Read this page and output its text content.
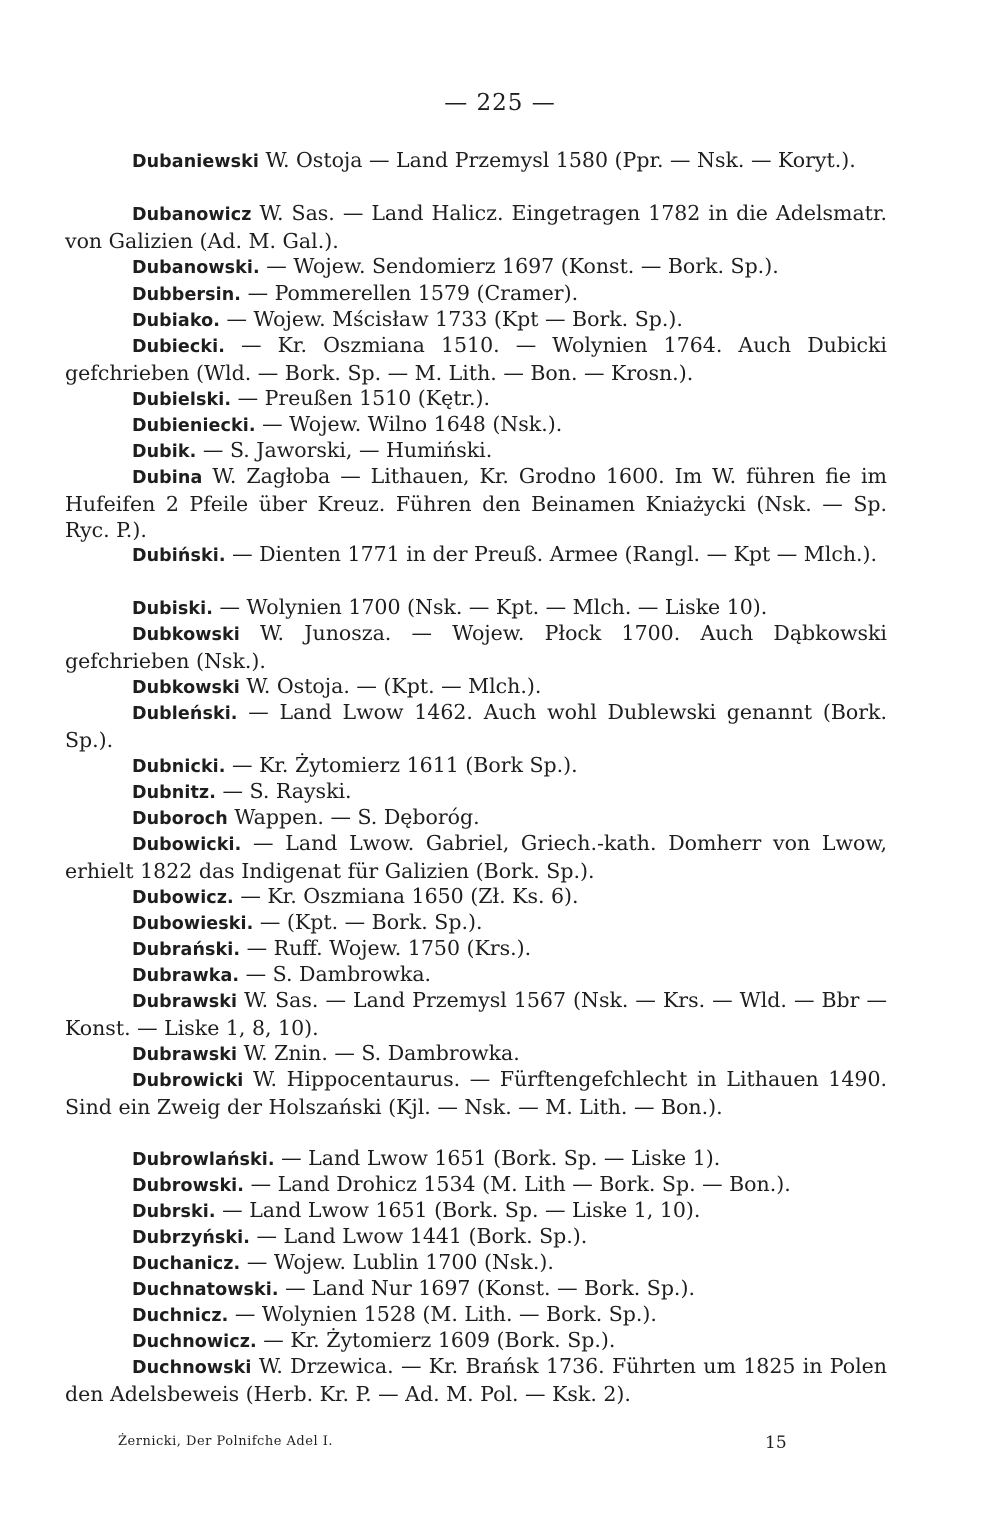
— 225 —
Dubaniewski W. Ostoja — Land Przemysl 1580 (Ppr. — Nsk. — Koryt.).
Dubanowicz W. Sas. — Land Halicz. Eingetragen 1782 in die Adelsmatr. von Galizien (Ad. M. Gal.).
Dubanowski. — Wojew. Sendomierz 1697 (Konst. — Bork. Sp.).
Dubbersin. — Pommerellen 1579 (Cramer).
Dubiako. — Wojew. Mścisław 1733 (Kpt — Bork. Sp.).
Dubiecki. — Kr. Oszmiana 1510. — Wolynien 1764. Auch Dubicki gefchrieben (Wld. — Bork. Sp. — M. Lith. — Bon. — Krosn.).
Dubielski. — Preußen 1510 (Kętr.).
Dubieniecki. — Wojew. Wilno 1648 (Nsk.).
Dubik. — S. Jaworski, — Humiński.
Dubina W. Zagłoba — Lithauen, Kr. Grodno 1600. Im W. führen fie im Hufeifen 2 Pfeile über Kreuz. Führen den Beinamen Kniażycki (Nsk. — Sp. Ryc. P.).
Dubiński. — Dienten 1771 in der Preuß. Armee (Rangl. — Kpt — Mlch.).
Dubiski. — Wolynien 1700 (Nsk. — Kpt. — Mlch. — Liske 10).
Dubkowski W. Junosza. — Wojew. Płock 1700. Auch Dąbkowski gefchrieben (Nsk.).
Dubkowski W. Ostoja. — (Kpt. — Mlch.).
Dubleński. — Land Lwow 1462. Auch wohl Dublewski genannt (Bork. Sp.).
Dubnicki. — Kr. Żytomierz 1611 (Bork Sp.).
Dubnitz. — S. Rayski.
Duboroch Wappen. — S. Dęboróg.
Dubowicki. — Land Lwow. Gabriel, Griech.-kath. Domherr von Lwow, erhielt 1822 das Indigenat für Galizien (Bork. Sp.).
Dubowicz. — Kr. Oszmiana 1650 (Zł. Ks. 6).
Dubowieski. — (Kpt. — Bork. Sp.).
Dubrański. — Ruff. Wojew. 1750 (Krs.).
Dubrawka. — S. Dambrowka.
Dubrawski W. Sas. — Land Przemysl 1567 (Nsk. — Krs. — Wld. — Bbr — Konst. — Liske 1, 8, 10).
Dubrawski W. Znin. — S. Dambrowka.
Dubrowicki W. Hippocentaurus. — Fürftengefchlecht in Lithauen 1490. Sind ein Zweig der Holszański (Kjl. — Nsk. — M. Lith. — Bon.).
Dubrowlański. — Land Lwow 1651 (Bork. Sp. — Liske 1).
Dubrowski. — Land Drohicz 1534 (M. Lith — Bork. Sp. — Bon.).
Dubrski. — Land Lwow 1651 (Bork. Sp. — Liske 1, 10).
Dubrzyński. — Land Lwow 1441 (Bork. Sp.).
Duchanicz. — Wojew. Lublin 1700 (Nsk.).
Duchnatowski. — Land Nur 1697 (Konst. — Bork. Sp.).
Duchnicz. — Wolynien 1528 (M. Lith. — Bork. Sp.).
Duchnowicz. — Kr. Żytomierz 1609 (Bork. Sp.).
Duchnowski W. Drzewica. — Kr. Brańsk 1736. Führten um 1825 in Polen den Adelsbeweis (Herb. Kr. P. — Ad. M. Pol. — Ksk. 2).
Żernicki, Der Polnifche Adel I.	15
